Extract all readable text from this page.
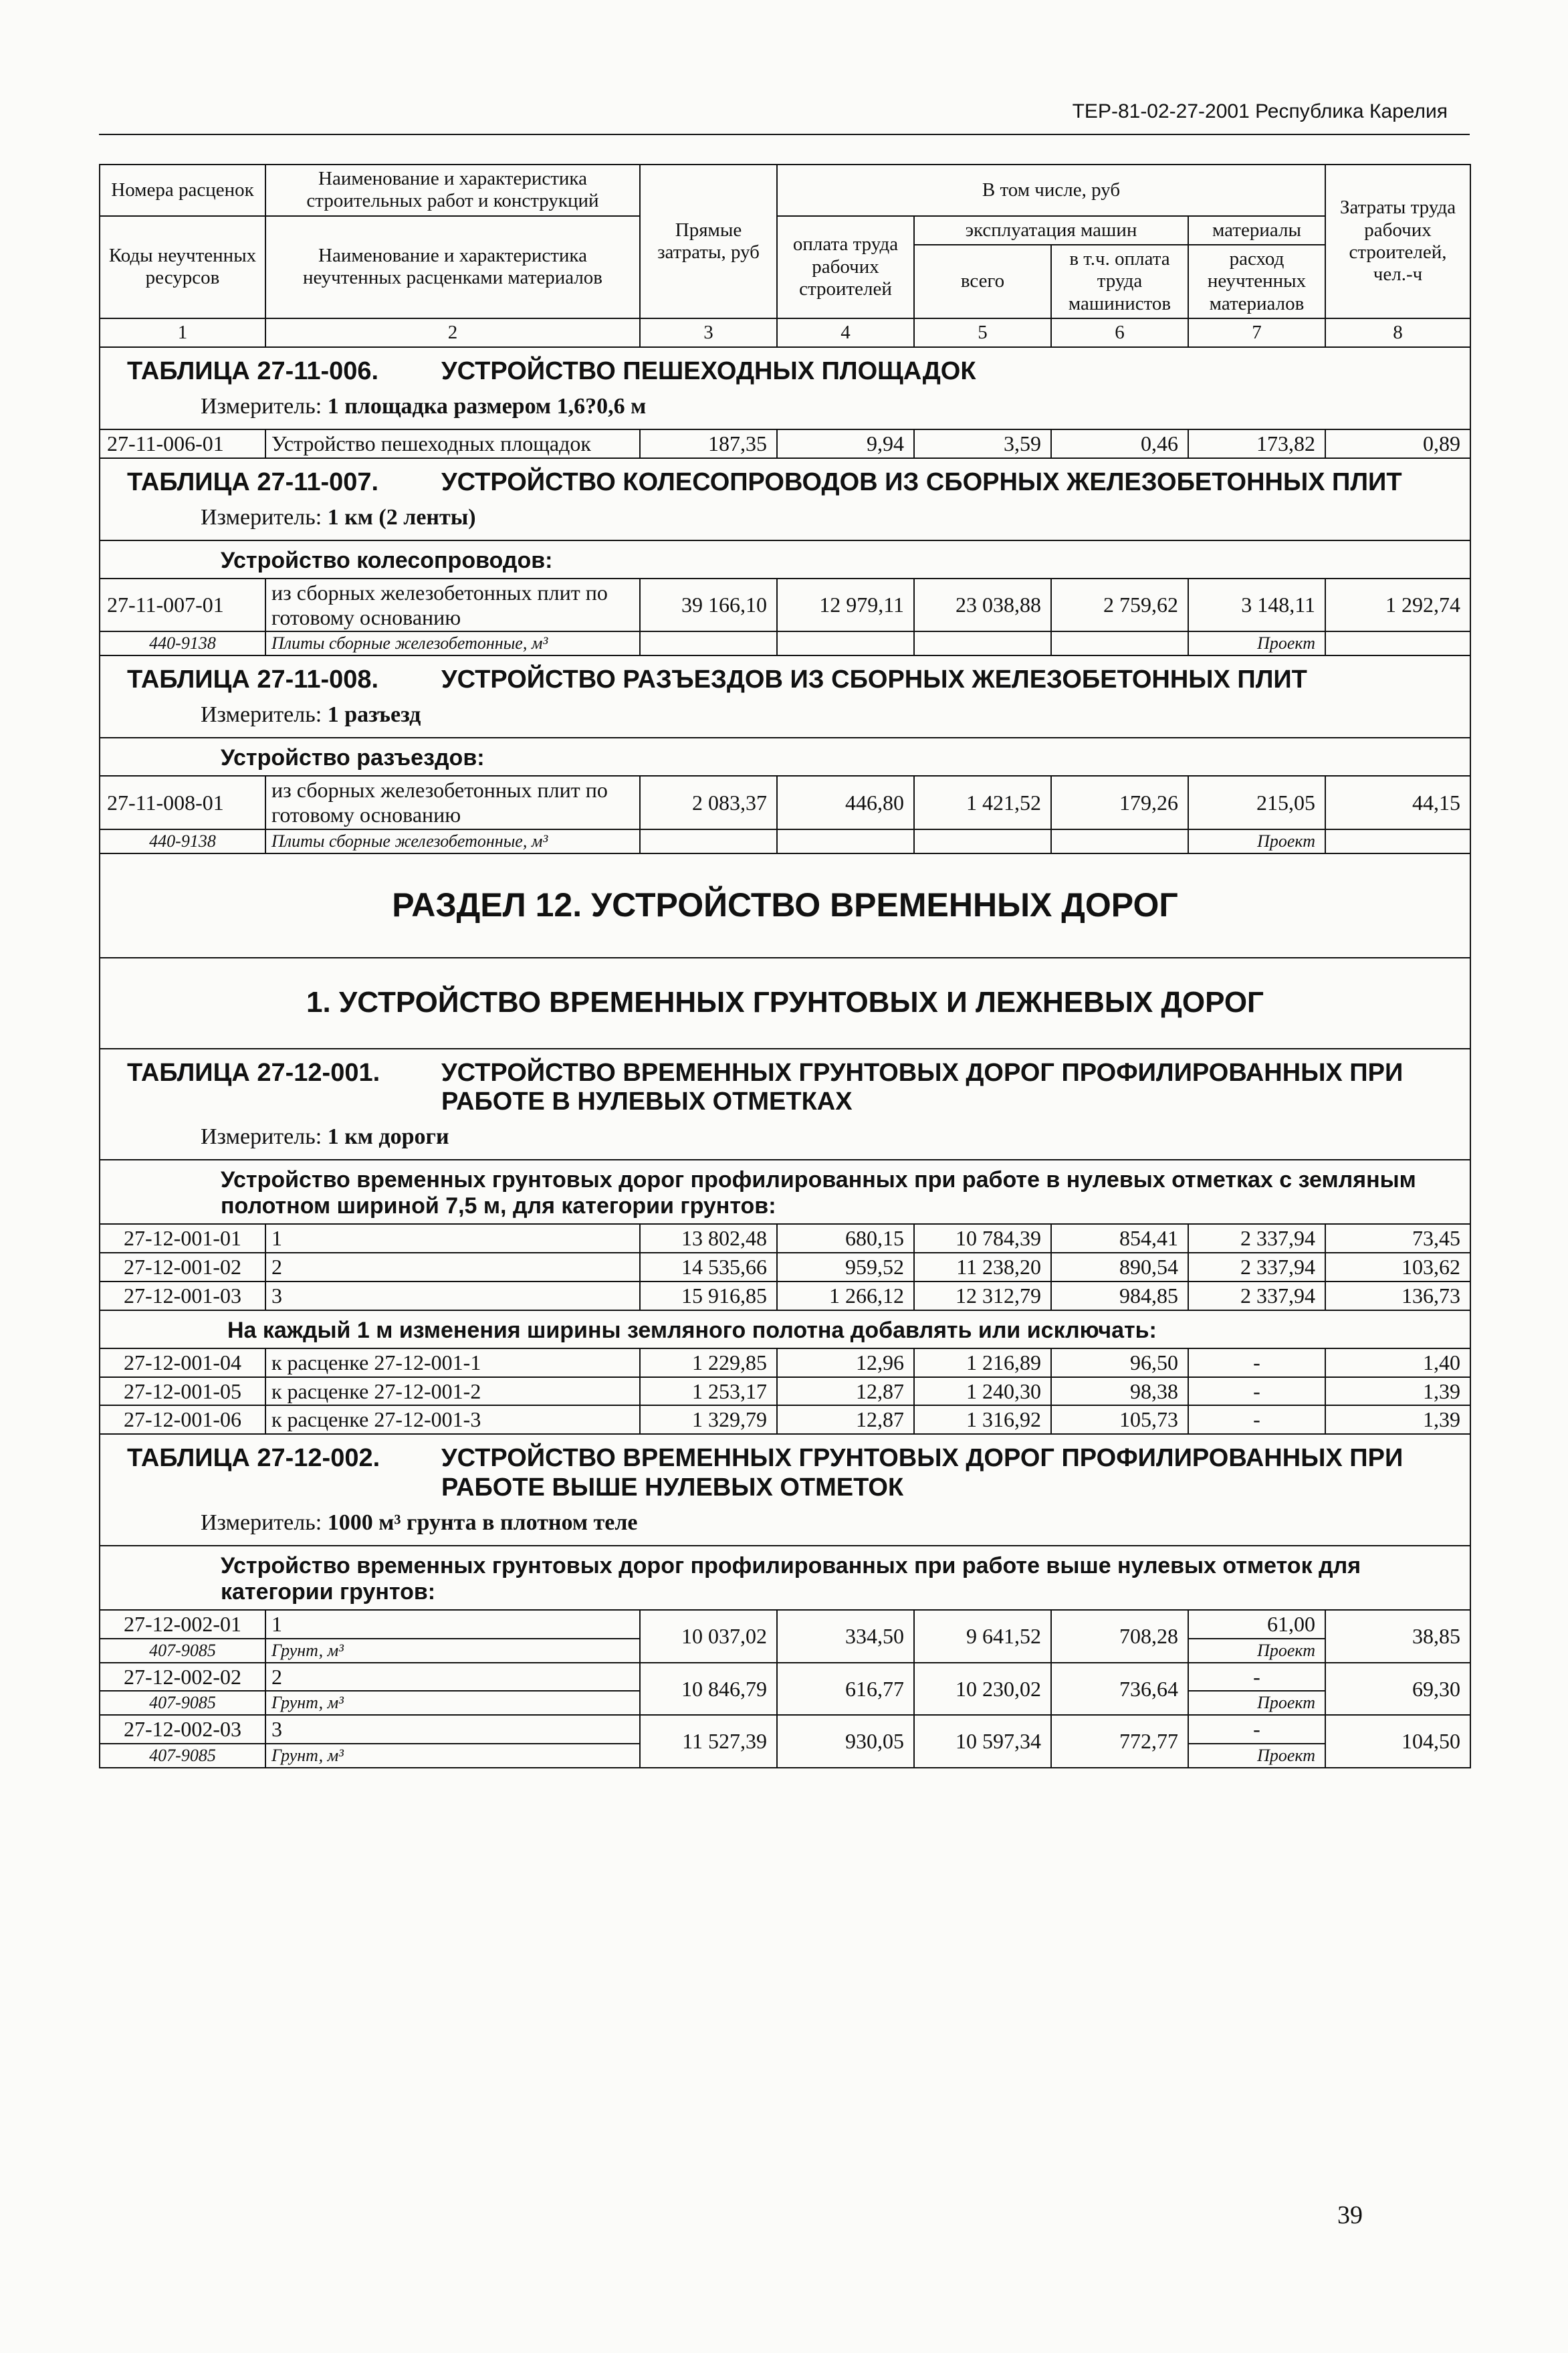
ТЕР-81-02-27-2001 Республика Карелия
Номера расценок	Наименование и характеристика строительных работ и конструкций	Прямые затраты, руб	В том числе, руб				Затраты труда рабочих строителей, чел.-ч
Коды неучтенных ресурсов	Наименование и характеристика неучтенных расценками материалов		оплата труда рабочих строителей	эксплуатация машин		материалы	
				всего	в т.ч. оплата труда машинистов	расход неучтенных материалов	
1	2	3	4	5	6	7	8
ТАБЛИЦА 27-11-006. УСТРОЙСТВО ПЕШЕХОДНЫХ ПЛОЩАДОК							
Измеритель: 1 площадка размером 1,6?0,6 м							
27-11-006-01	Устройство пешеходных площадок	187,35	9,94	3,59	0,46	173,82	0,89
ТАБЛИЦА 27-11-007. УСТРОЙСТВО КОЛЕСОПРОВОДОВ ИЗ СБОРНЫХ ЖЕЛЕЗОБЕТОННЫХ ПЛИТ							
Измеритель: 1 км (2 ленты)							
Устройство колесопроводов:							
27-11-007-01	из сборных железобетонных плит по готовому основанию	39 166,10	12 979,11	23 038,88	2 759,62	3 148,11	1 292,74
440-9138	Плиты сборные железобетонные, м³					Проект	
ТАБЛИЦА 27-11-008. УСТРОЙСТВО РАЗЪЕЗДОВ ИЗ СБОРНЫХ ЖЕЛЕЗОБЕТОННЫХ ПЛИТ							
Измеритель: 1 разъезд							
Устройство разъездов:							
27-11-008-01	из сборных железобетонных плит по готовому основанию	2 083,37	446,80	1 421,52	179,26	215,05	44,15
440-9138	Плиты сборные железобетонные, м³					Проект	
РАЗДЕЛ 12. УСТРОЙСТВО ВРЕМЕННЫХ ДОРОГ							
1. УСТРОЙСТВО ВРЕМЕННЫХ ГРУНТОВЫХ И ЛЕЖНЕВЫХ ДОРОГ							
ТАБЛИЦА 27-12-001. УСТРОЙСТВО ВРЕМЕННЫХ ГРУНТОВЫХ ДОРОГ ПРОФИЛИРОВАННЫХ ПРИ РАБОТЕ В НУЛЕВЫХ ОТМЕТКАХ							
Измеритель: 1 км дороги							
Устройство временных грунтовых дорог профилированных при работе в нулевых отметках с земляным полотном шириной 7,5 м, для категории грунтов:							
27-12-001-01	1	13 802,48	680,15	10 784,39	854,41	2 337,94	73,45
27-12-001-02	2	14 535,66	959,52	11 238,20	890,54	2 337,94	103,62
27-12-001-03	3	15 916,85	1 266,12	12 312,79	984,85	2 337,94	136,73
На каждый 1 м изменения ширины земляного полотна добавлять или исключать:							
27-12-001-04	к расценке 27-12-001-1	1 229,85	12,96	1 216,89	96,50	-	1,40
27-12-001-05	к расценке 27-12-001-2	1 253,17	12,87	1 240,30	98,38	-	1,39
27-12-001-06	к расценке 27-12-001-3	1 329,79	12,87	1 316,92	105,73	-	1,39
ТАБЛИЦА 27-12-002. УСТРОЙСТВО ВРЕМЕННЫХ ГРУНТОВЫХ ДОРОГ ПРОФИЛИРОВАННЫХ ПРИ РАБОТЕ ВЫШЕ НУЛЕВЫХ ОТМЕТОК							
Измеритель: 1000 м³ грунта в плотном теле							
Устройство временных грунтовых дорог профилированных при работе выше нулевых отметок для категории грунтов:							
27-12-002-01	1	10 037,02	334,50	9 641,52	708,28	61,00	38,85
407-9085	Грунт, м³					Проект	
27-12-002-02	2	10 846,79	616,77	10 230,02	736,64	-	69,30
407-9085	Грунт, м³					Проект	
27-12-002-03	3	11 527,39	930,05	10 597,34	772,77	-	104,50
407-9085	Грунт, м³					Проект	
39
